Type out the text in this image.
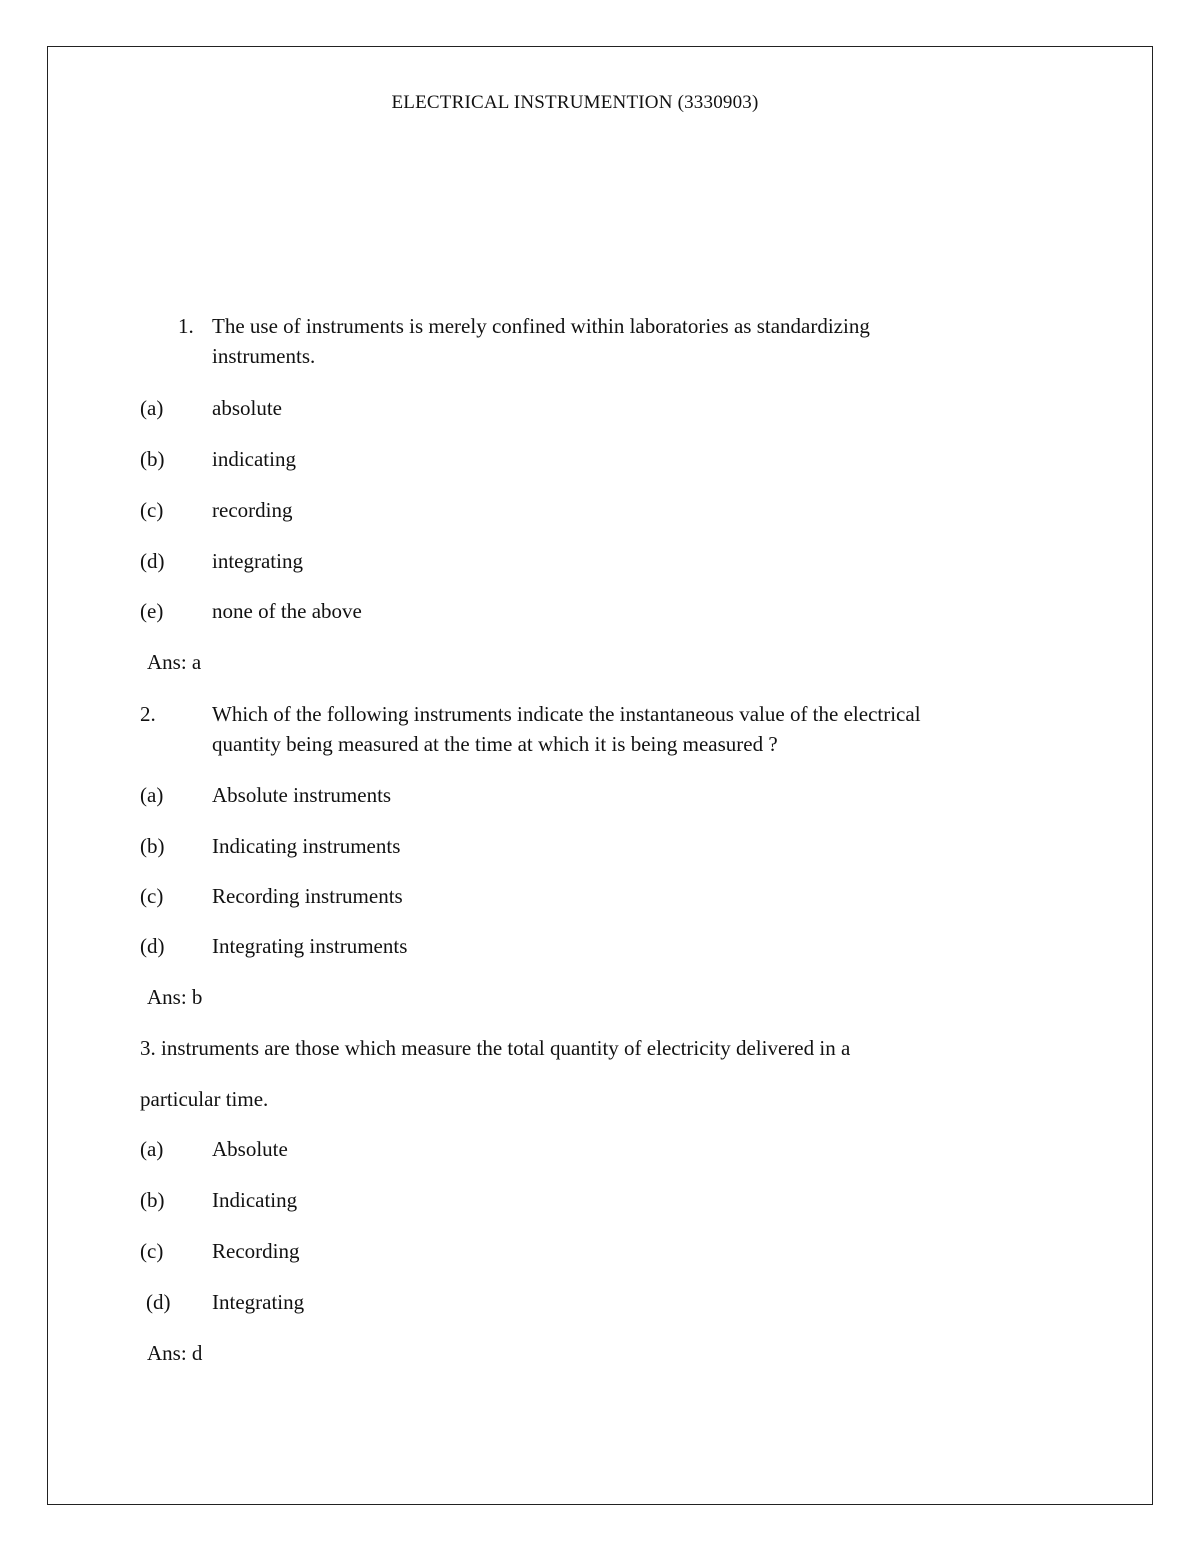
ELECTRICAL INSTRUMENTION (3330903)
1. The use of instruments is merely confined within laboratories as standardizing
instruments.
(a) absolute
(b) indicating
(c) recording
(d) integrating
(e) none of the above
Ans: a
2.	Which of the following instruments indicate the instantaneous value of the electrical
quantity being measured at the time at which it is being measured ?
(a) Absolute instruments
(b) Indicating instruments
(c) Recording instruments
(d) Integrating instruments
Ans: b
3. instruments are those which measure the total quantity of electricity delivered in a
particular time.
(a) Absolute
(b) Indicating
(c) Recording
(d) Integrating
Ans: d
